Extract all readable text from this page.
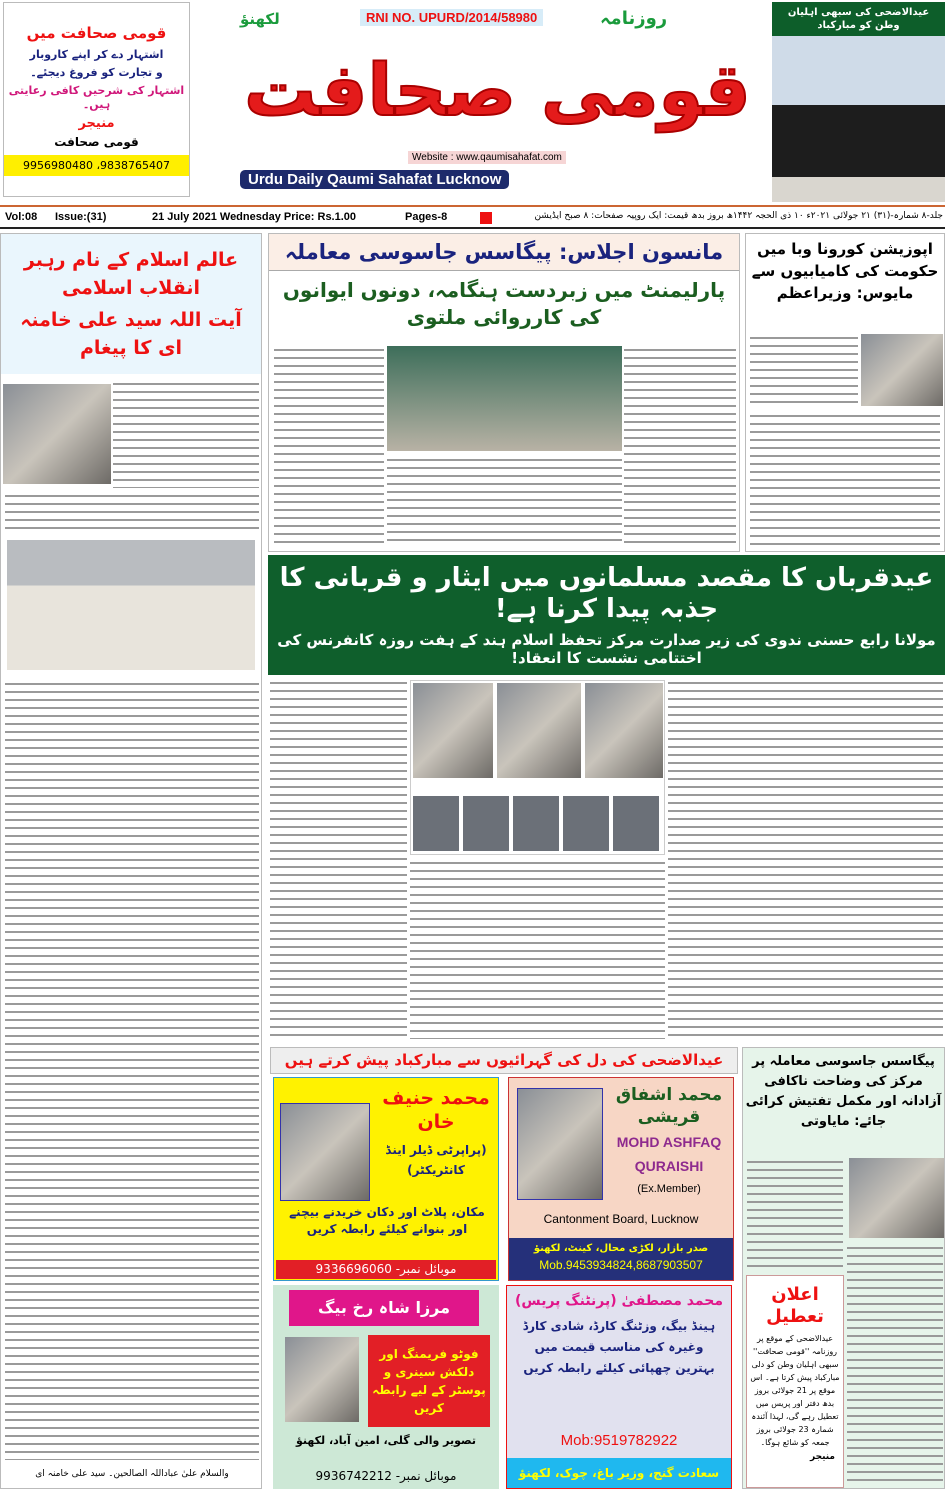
قومی صحافت میں
اشتہار دے کر اپنے کاروبار
و تجارت کو فروغ دیجئے۔
اشتہار کی شرحیں کافی رعایتی ہیں۔
منیجر
قومی صحافت
9956980480 ،9838765407
RNI NO. UPURD/2014/58980	روزنامہ
لکھنؤ
قومی صحافت
Website : www.qaumisahafat.com
Urdu Daily Qaumi Sahafat Lucknow
عیدالاضحی کی سبھی اہلیان وطن کو مبارکباد
Vol:08 Issue:(31)	21 July 2021 Wednesday Price: Rs.1.00	Pages-8	جلد-۸ شمارہ-(۳۱) ۲۱ جولائی ۲۰۲۱ء ۱۰ ذی الحجہ ۱۴۴۲ھ بروز بدھ قیمت: ایک روپیہ صفحات: ۸ صبح ایڈیشن
عالم اسلام کے نام رہبر انقلاب اسلامی
آیت اللہ سید علی خامنہ ای کا پیغام
والسلام علیٰ عباداللہ الصالحین۔ سید علی خامنہ ای
مانسون اجلاس: پیگاسس جاسوسی معاملہ
پارلیمنٹ میں زبردست ہنگامہ، دونوں ایوانوں کی کارروائی ملتوی
اپوزیشن کورونا وبا میں حکومت کی کامیابیوں سے مایوس: وزیراعظم
عیدقرباں کا مقصد مسلمانوں میں ایثار و قربانی کا جذبہ پیدا کرنا ہے!
مولانا رابع حسنی ندوی کی زیر صدارت مرکز تحفظ اسلام ہند کے ہفت روزہ کانفرنس کی اختتامی نشست کا انعقاد!
عیدالاضحی کی دل کی گہرائیوں سے مبارکباد پیش کرتے ہیں
محمد حنیف خان
(پراپرٹی ڈیلر اینڈ کانٹریکٹر)
مکان، پلاٹ اور دکان خریدنے بیچنے اور بنوانے کیلئے رابطہ کریں
موبائل نمبر- 9336696060
محمد اشفاق قریشی
MOHD ASHFAQ
QURAISHI
(Ex.Member)
Cantonment Board, Lucknow
صدر بازار، لکڑی محال، کینٹ، لکھنؤ
Mob.9453934824,8687903507
مرزا شاہ رخ بیگ
فوٹو فریمنگ اور دلکش سینری و پوسٹر کے لیے رابطہ کریں
تصویر والی گلی، امین آباد، لکھنؤ
موبائل نمبر- 9936742212
محمد مصطفیٰ (پرنٹنگ پریس)
ہینڈ بیگ، وزٹنگ کارڈ، شادی کارڈ وغیرہ کی مناسب قیمت میں بہترین چھپائی کیلئے رابطہ کریں
Mob:9519782922
سعادت گنج، وزیر باغ، چوک، لکھنؤ
پیگاسس جاسوسی معاملہ پر مرکز کی وضاحت ناکافی آزادانہ اور مکمل تفتیش کرائی جائے: مایاوتی
اعلان تعطیل
عیدالاضحی کے موقع پر روزنامہ ''قومی صحافت'' سبھی اہلیان وطن کو دلی مبارکباد پیش کرتا ہے۔ اس موقع پر 21 جولائی بروز بدھ دفتر اور پریس میں تعطیل رہے گی، لہذا آئندہ شمارہ 23 جولائی بروز جمعہ کو شائع ہوگا۔
منیجر
